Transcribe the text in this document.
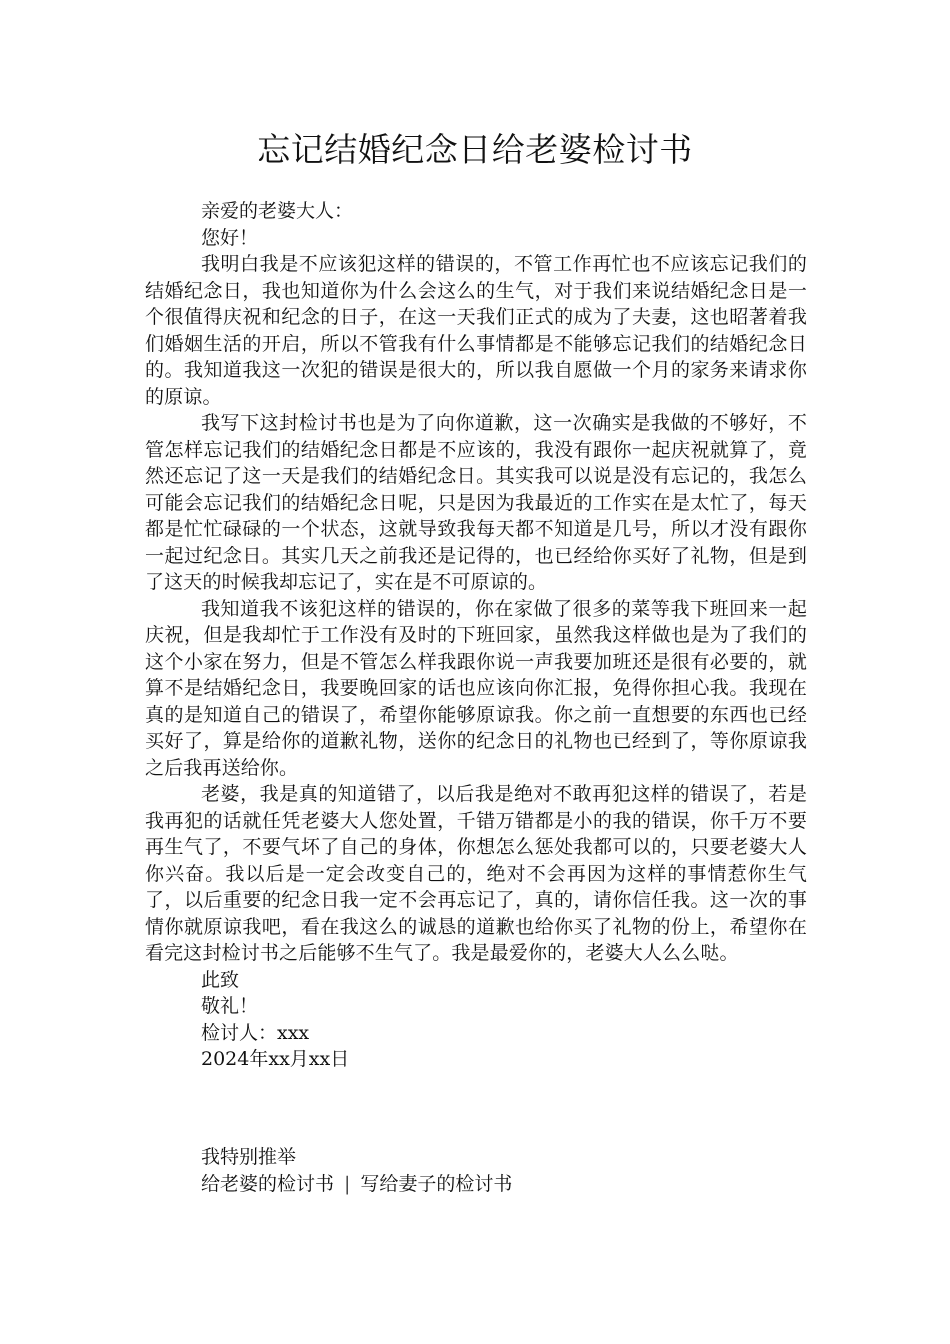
忘记结婚纪念日给老婆检讨书

亲爱的老婆大人：

您好！

我明白我是不应该犯这样的错误的，不管工作再忙也不应该忘记我们的结婚纪念日，我也知道你为什么会这么的生气，对于我们来说结婚纪念日是一个很值得庆祝和纪念的日子，在这一天我们正式的成为了夫妻，这也昭著着我们婚姻生活的开启，所以不管我有什么事情都是不能够忘记我们的结婚纪念日的。我知道我这一次犯的错误是很大的，所以我自愿做一个月的家务来请求你的原谅。

我写下这封检讨书也是为了向你道歉，这一次确实是我做的不够好，不管怎样忘记我们的结婚纪念日都是不应该的，我没有跟你一起庆祝就算了，竟然还忘记了这一天是我们的结婚纪念日。其实我可以说是没有忘记的，我怎么可能会忘记我们的结婚纪念日呢，只是因为我最近的工作实在是太忙了，每天都是忙忙碌碌的一个状态，这就导致我每天都不知道是几号，所以才没有跟你一起过纪念日。其实几天之前我还是记得的，也已经给你买好了礼物，但是到了这天的时候我却忘记了，实在是不可原谅的。

我知道我不该犯这样的错误的，你在家做了很多的菜等我下班回来一起庆祝，但是我却忙于工作没有及时的下班回家，虽然我这样做也是为了我们的这个小家在努力，但是不管怎么样我跟你说一声我要加班还是很有必要的，就算不是结婚纪念日，我要晚回家的话也应该向你汇报，免得你担心我。我现在真的是知道自己的错误了，希望你能够原谅我。你之前一直想要的东西也已经买好了，算是给你的道歉礼物，送你的纪念日的礼物也已经到了，等你原谅我之后我再送给你。

老婆，我是真的知道错了，以后我是绝对不敢再犯这样的错误了，若是我再犯的话就任凭老婆大人您处置，千错万错都是小的我的错误，你千万不要再生气了，不要气坏了自己的身体，你想怎么惩处我都可以的，只要老婆大人你兴奋。我以后是一定会改变自己的，绝对不会再因为这样的事情惹你生气了，以后重要的纪念日我一定不会再忘记了，真的，请你信任我。这一次的事情你就原谅我吧，看在我这么的诚恳的道歉也给你买了礼物的份上，希望你在看完这封检讨书之后能够不生气了。我是最爱你的，老婆大人么么哒。

此致

敬礼！

检讨人：xxx

2024年xx月xx日

我特别推举
给老婆的检讨书 | 写给妻子的检讨书
